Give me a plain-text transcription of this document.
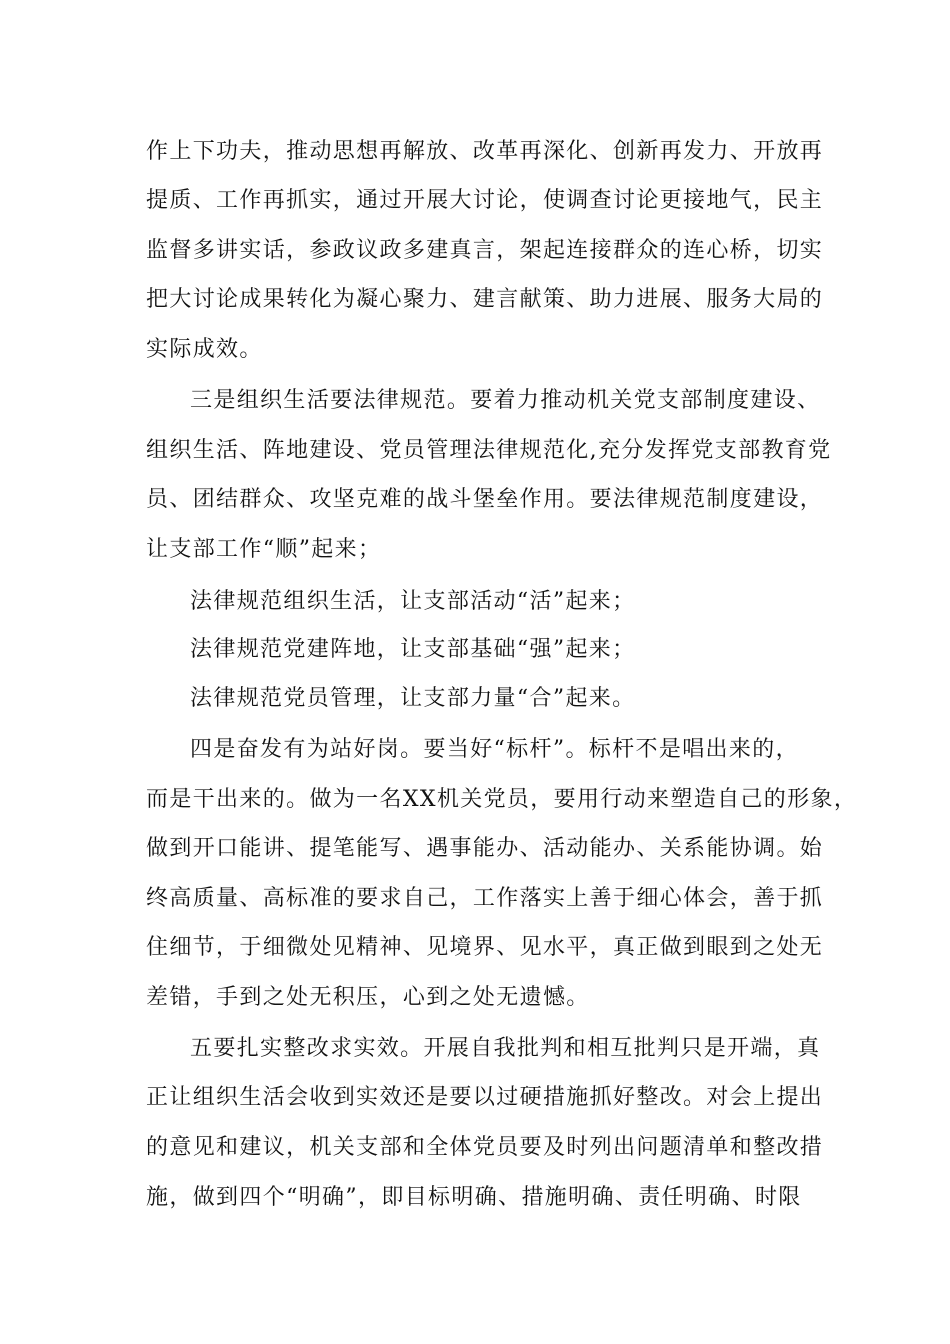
作上下功夫，推动思想再解放、改革再深化、创新再发力、开放再
提质、工作再抓实，通过开展大讨论，使调查讨论更接地气，民主
监督多讲实话，参政议政多建真言，架起连接群众的连心桥，切实
把大讨论成果转化为凝心聚力、建言献策、助力进展、服务大局的
实际成效。
三是组织生活要法律规范。要着力推动机关党支部制度建设、
组织生活、阵地建设、党员管理法律规范化,充分发挥党支部教育党
员、团结群众、攻坚克难的战斗堡垒作用。要法律规范制度建设，
让支部工作“顺”起来；
法律规范组织生活，让支部活动“活”起来；
法律规范党建阵地，让支部基础“强”起来；
法律规范党员管理，让支部力量“合”起来。
四是奋发有为站好岗。要当好“标杆”。标杆不是唱出来的，
而是干出来的。做为一名XX机关党员，要用行动来塑造自己的形象，
做到开口能讲、提笔能写、遇事能办、活动能办、关系能协调。始
终高质量、高标准的要求自己，工作落实上善于细心体会，善于抓
住细节，于细微处见精神、见境界、见水平，真正做到眼到之处无
差错，手到之处无积压，心到之处无遗憾。
五要扎实整改求实效。开展自我批判和相互批判只是开端，真
正让组织生活会收到实效还是要以过硬措施抓好整改。对会上提出
的意见和建议，机关支部和全体党员要及时列出问题清单和整改措
施，做到四个“明确”，即目标明确、措施明确、责任明确、时限
